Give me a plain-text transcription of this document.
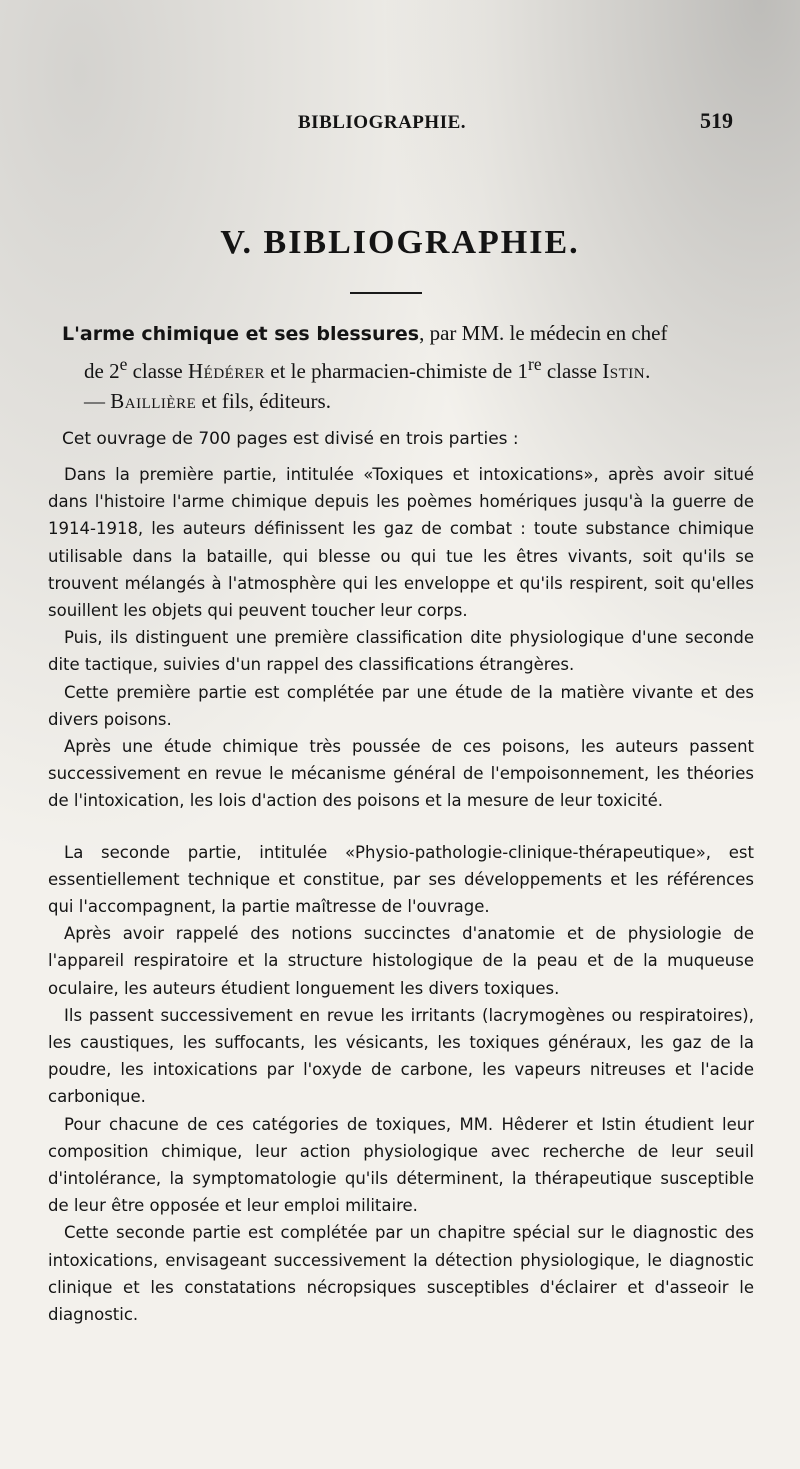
BIBLIOGRAPHIE.	519
V. BIBLIOGRAPHIE.
L'arme chimique et ses blessures, par MM. le médecin en chef
de 2e classe Hédérer et le pharmacien-chimiste de 1re classe Istin.
— Baillière et fils, éditeurs.
Cet ouvrage de 700 pages est divisé en trois parties :

Dans la première partie, intitulée «Toxiques et intoxications», après avoir situé dans l'histoire l'arme chimique depuis les poèmes homériques jusqu'à la guerre de 1914-1918, les auteurs définissent les gaz de combat : toute substance chimique utilisable dans la bataille, qui blesse ou qui tue les êtres vivants, soit qu'ils se trouvent mélangés à l'atmosphère qui les enveloppe et qu'ils respirent, soit qu'elles souillent les objets qui peuvent toucher leur corps.

Puis, ils distinguent une première classification dite physiologique d'une seconde dite tactique, suivies d'un rappel des classifications étrangères.

Cette première partie est complétée par une étude de la matière vivante et des divers poisons.

Après une étude chimique très poussée de ces poisons, les auteurs passent successivement en revue le mécanisme général de l'empoisonnement, les théories de l'intoxication, les lois d'action des poisons et la mesure de leur toxicité.

La seconde partie, intitulée «Physio-pathologie-clinique-thérapeutique», est essentiellement technique et constitue, par ses développements et les références qui l'accompagnent, la partie maîtresse de l'ouvrage.

Après avoir rappelé des notions succinctes d'anatomie et de physiologie de l'appareil respiratoire et la structure histologique de la peau et de la muqueuse oculaire, les auteurs étudient longuement les divers toxiques.

Ils passent successivement en revue les irritants (lacrymogènes ou respiratoires), les caustiques, les suffocants, les vésicants, les toxiques généraux, les gaz de la poudre, les intoxications par l'oxyde de carbone, les vapeurs nitreuses et l'acide carbonique.

Pour chacune de ces catégories de toxiques, MM. Hêderer et Istin étudient leur composition chimique, leur action physiologique avec recherche de leur seuil d'intolérance, la symptomatologie qu'ils déterminent, la thérapeutique susceptible de leur être opposée et leur emploi militaire.

Cette seconde partie est complétée par un chapitre spécial sur le diagnostic des intoxications, envisageant successivement la détection physiologique, le diagnostic clinique et les constatations nécropsiques susceptibles d'éclairer et d'asseoir le diagnostic.
